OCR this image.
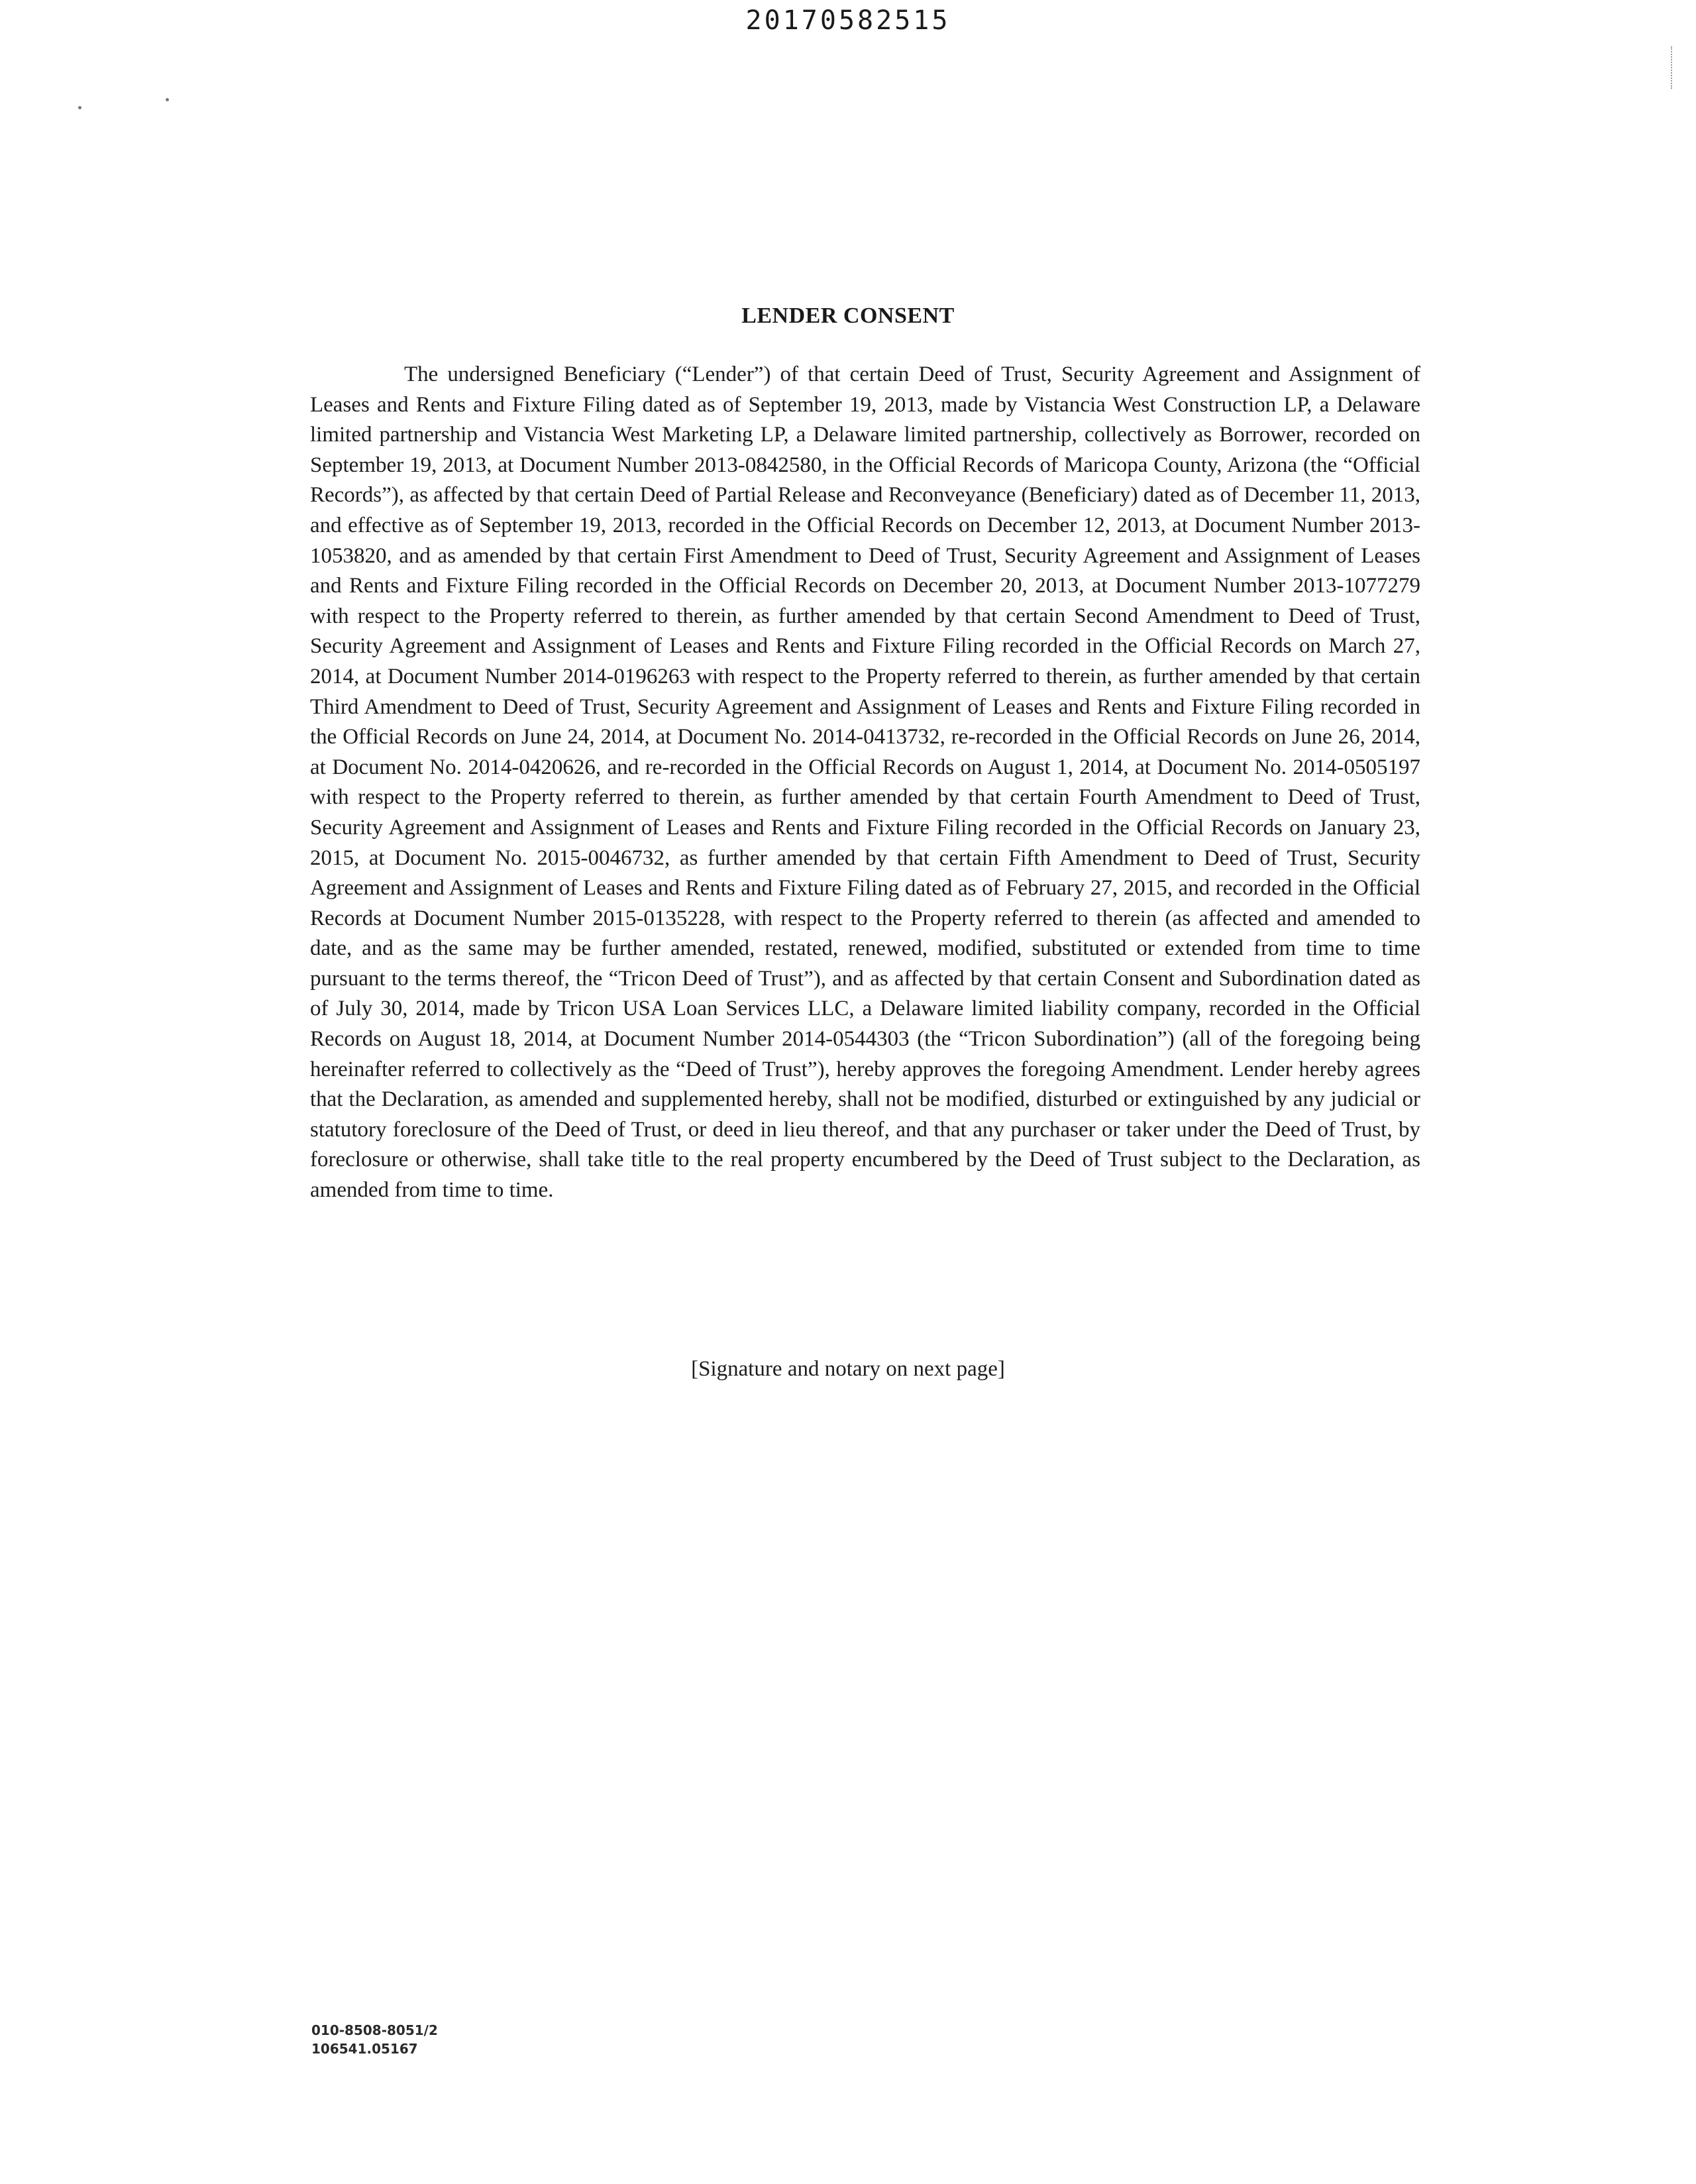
20170582515
LENDER CONSENT

The undersigned Beneficiary (“Lender”) of that certain Deed of Trust, Security Agreement and Assignment of Leases and Rents and Fixture Filing dated as of September 19, 2013, made by Vistancia West Construction LP, a Delaware limited partnership and Vistancia West Marketing LP, a Delaware limited partnership, collectively as Borrower, recorded on September 19, 2013, at Document Number 2013-0842580, in the Official Records of Maricopa County, Arizona (the “Official Records”), as affected by that certain Deed of Partial Release and Reconveyance (Beneficiary) dated as of December 11, 2013, and effective as of September 19, 2013, recorded in the Official Records on December 12, 2013, at Document Number 2013-1053820, and as amended by that certain First Amendment to Deed of Trust, Security Agreement and Assignment of Leases and Rents and Fixture Filing recorded in the Official Records on December 20, 2013, at Document Number 2013-1077279 with respect to the Property referred to therein, as further amended by that certain Second Amendment to Deed of Trust, Security Agreement and Assignment of Leases and Rents and Fixture Filing recorded in the Official Records on March 27, 2014, at Document Number 2014-0196263 with respect to the Property referred to therein, as further amended by that certain Third Amendment to Deed of Trust, Security Agreement and Assignment of Leases and Rents and Fixture Filing recorded in the Official Records on June 24, 2014, at Document No. 2014-0413732, re-recorded in the Official Records on June 26, 2014, at Document No. 2014-0420626, and re-recorded in the Official Records on August 1, 2014, at Document No. 2014-0505197 with respect to the Property referred to therein, as further amended by that certain Fourth Amendment to Deed of Trust, Security Agreement and Assignment of Leases and Rents and Fixture Filing recorded in the Official Records on January 23, 2015, at Document No. 2015-0046732, as further amended by that certain Fifth Amendment to Deed of Trust, Security Agreement and Assignment of Leases and Rents and Fixture Filing dated as of February 27, 2015, and recorded in the Official Records at Document Number 2015-0135228, with respect to the Property referred to therein (as affected and amended to date, and as the same may be further amended, restated, renewed, modified, substituted or extended from time to time pursuant to the terms thereof, the “Tricon Deed of Trust”), and as affected by that certain Consent and Subordination dated as of July 30, 2014, made by Tricon USA Loan Services LLC, a Delaware limited liability company, recorded in the Official Records on August 18, 2014, at Document Number 2014-0544303 (the “Tricon Subordination”) (all of the foregoing being hereinafter referred to collectively as the “Deed of Trust”), hereby approves the foregoing Amendment. Lender hereby agrees that the Declaration, as amended and supplemented hereby, shall not be modified, disturbed or extinguished by any judicial or statutory foreclosure of the Deed of Trust, or deed in lieu thereof, and that any purchaser or taker under the Deed of Trust, by foreclosure or otherwise, shall take title to the real property encumbered by the Deed of Trust subject to the Declaration, as amended from time to time.

[Signature and notary on next page]
010-8508-8051/2
106541.05167
